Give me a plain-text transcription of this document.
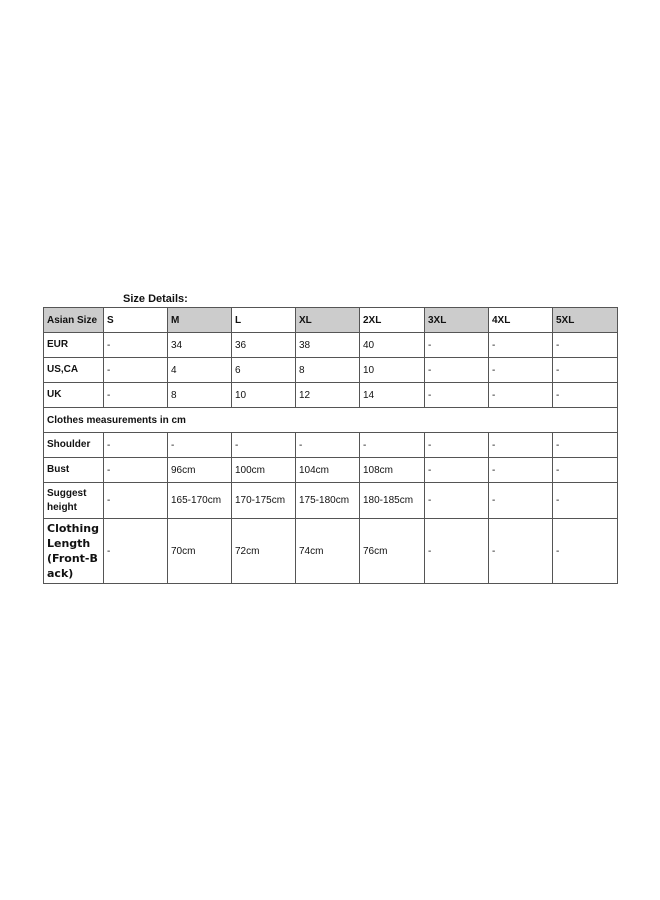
Size Details:
Asian Size	S	M	L	XL	2XL	3XL	4XL	5XL
EUR	-	34	36	38	40	-	-	-
US,CA	-	4	6	8	10	-	-	-
UK	-	8	10	12	14	-	-	-
Clothes measurements in cm								
Shoulder	-	-	-	-	-	-	-	-
Bust	-	96cm	100cm	104cm	108cm	-	-	-
Suggest height	-	165-170cm	170-175cm	175-180cm	180-185cm	-	-	-
Clothing Length (Front-Back)	-	70cm	72cm	74cm	76cm	-	-	-
